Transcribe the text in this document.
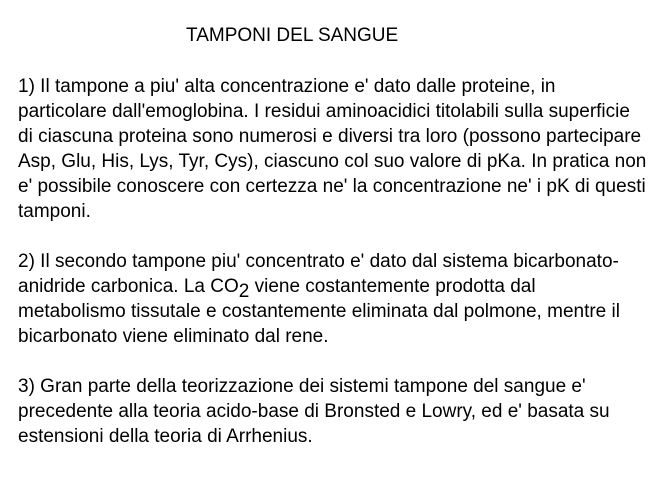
TAMPONI DEL SANGUE

1) Il tampone a piu' alta concentrazione e' dato dalle proteine, in particolare dall'emoglobina. I residui aminoacidici titolabili sulla superficie di ciascuna proteina sono numerosi e diversi tra loro (possono partecipare Asp, Glu, His, Lys, Tyr, Cys), ciascuno col suo valore di pKa. In pratica non e' possibile conoscere con certezza ne' la concentrazione ne' i pK di questi tamponi.

2) Il secondo tampone piu' concentrato e' dato dal sistema bicarbonato-anidride carbonica. La $CO_2$ viene costantemente prodotta dal metabolismo tissutale e costantemente eliminata dal polmone, mentre il bicarbonato viene eliminato dal rene.

3) Gran parte della teorizzazione dei sistemi tampone del sangue e' precedente alla teoria acido-base di Bronsted e Lowry, ed e' basata su estensioni della teoria di Arrhenius.
